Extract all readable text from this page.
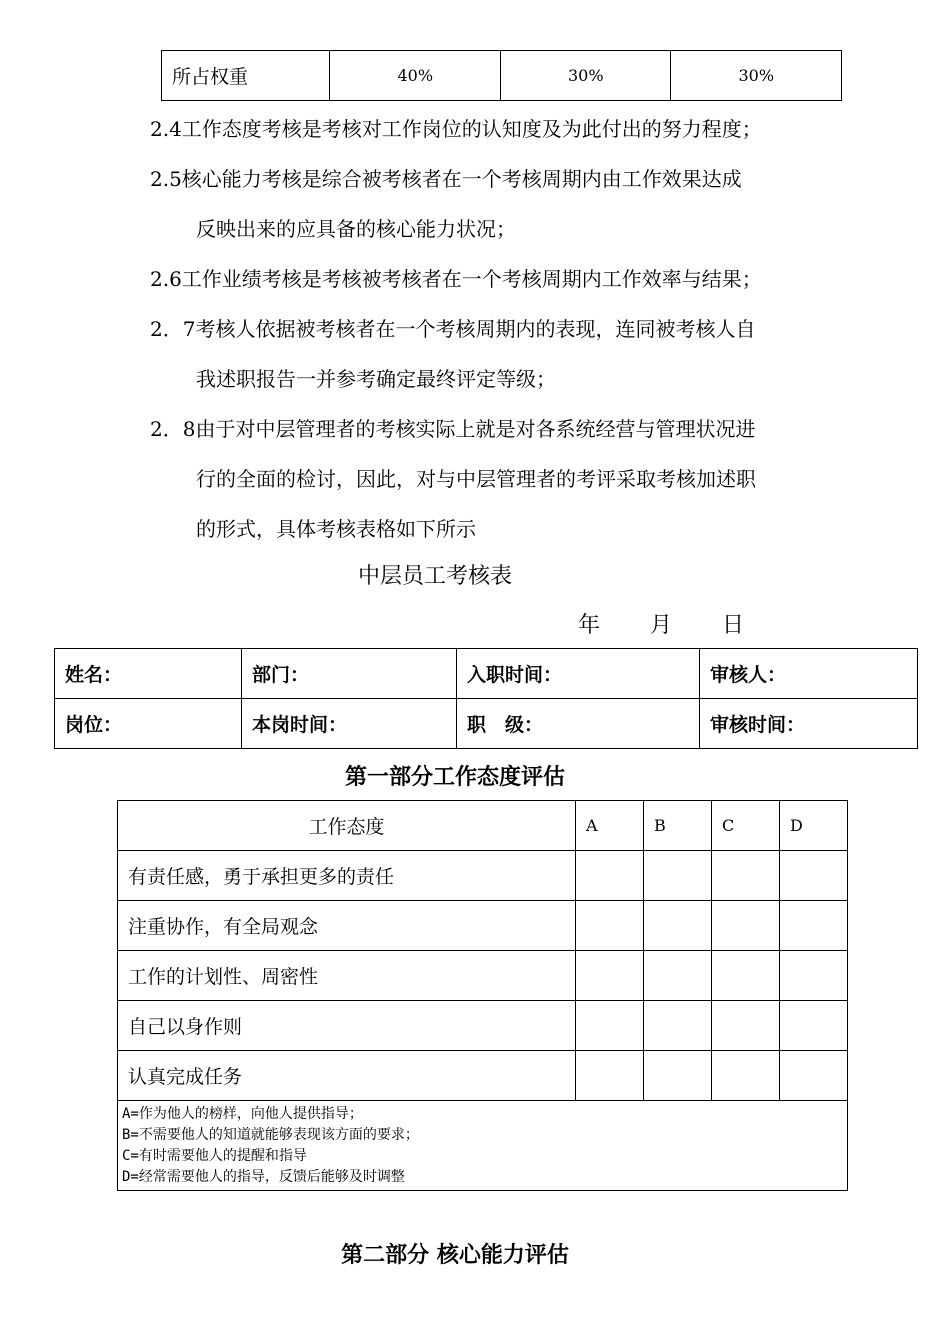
所占权重	40%	30%	30%
2.4工作态度考核是考核对工作岗位的认知度及为此付出的努力程度；
2.5核心能力考核是综合被考核者在一个考核周期内由工作效果达成
反映出来的应具备的核心能力状况；
2.6工作业绩考核是考核被考核者在一个考核周期内工作效率与结果；
2．7考核人依据被考核者在一个考核周期内的表现，连同被考核人自
我述职报告一并参考确定最终评定等级；
2．8由于对中层管理者的考核实际上就是对各系统经营与管理状况进
行的全面的检讨，因此，对与中层管理者的考评采取考核加述职
的形式，具体考核表格如下所示
中层员工考核表
年  月  日
姓名：	部门：	入职时间：	审核人：
岗位：	本岗时间：	职　级：	审核时间：
第一部分工作态度评估
工作态度	A	B	C	D
有责任感，勇于承担更多的责任				
注重协作，有全局观念				
工作的计划性、周密性				
自己以身作则				
认真完成任务				

A=作为他人的榜样，向他人提供指导；
B=不需要他人的知道就能够表现该方面的要求；
C=有时需要他人的提醒和指导
D=经常需要他人的指导，反馈后能够及时调整				
第二部分 核心能力评估
